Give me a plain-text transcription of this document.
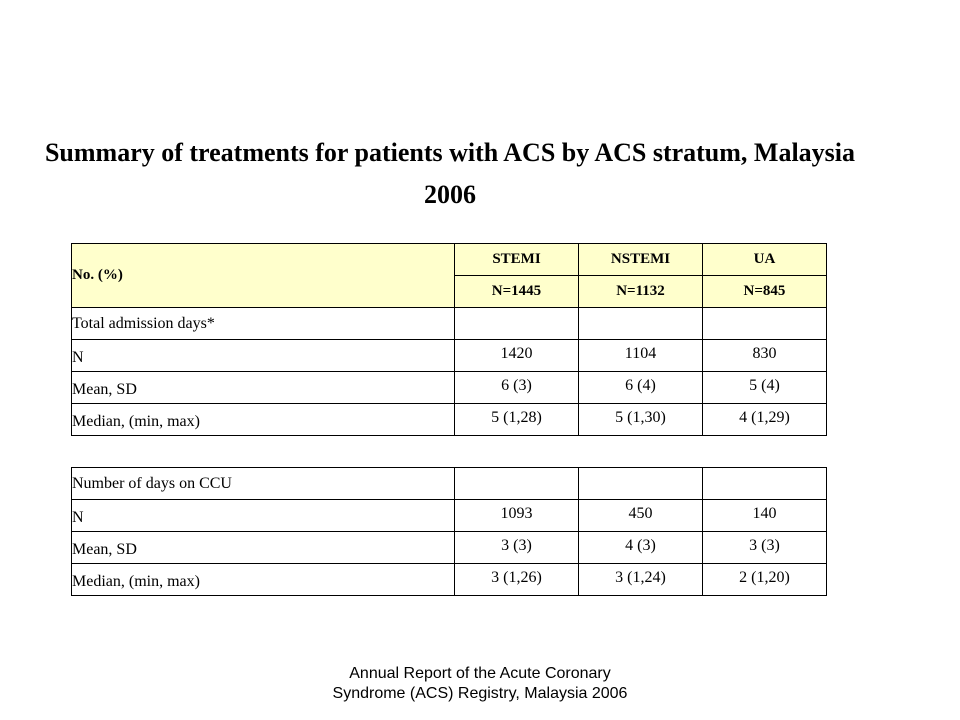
Summary of treatments for patients with ACS by ACS stratum, Malaysia 2006
No. (%)	STEMI	NSTEMI	UA
	N=1445	N=1132	N=845
Total admission days*			

N	1420	1104	830

Mean, SD	6 (3)	6 (4)	5 (4)

Median, (min, max)	5 (1,28)	5 (1,30)	4 (1,29)
Number of days on CCU			

N	1093	450	140

Mean, SD	3 (3)	4 (3)	3 (3)

Median, (min, max)	3 (1,26)	3 (1,24)	2 (1,20)
Annual Report of the Acute Coronary
Syndrome (ACS) Registry, Malaysia 2006
